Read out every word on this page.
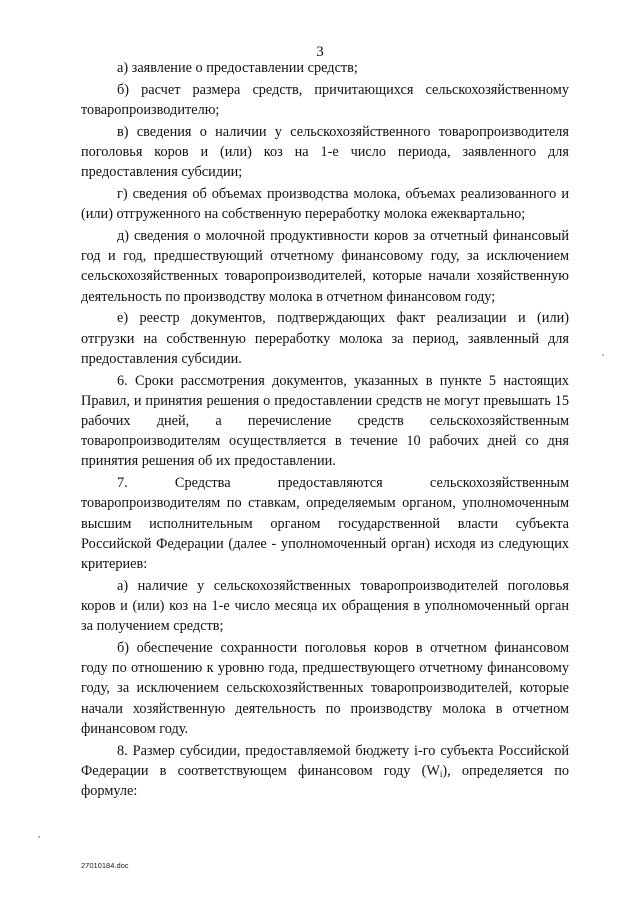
3

а) заявление о предоставлении средств;

б) расчет размера средств, причитающихся сельскохозяйственному товаропроизводителю;

в) сведения о наличии у сельскохозяйственного товаропроизводителя поголовья коров и (или) коз на 1-е число периода, заявленного для предоставления субсидии;

г) сведения об объемах производства молока, объемах реализованного и (или) отгруженного на собственную переработку молока ежеквартально;

д) сведения о молочной продуктивности коров за отчетный финансовый год и год, предшествующий отчетному финансовому году, за исключением сельскохозяйственных товаропроизводителей, которые начали хозяйственную деятельность по производству молока в отчетном финансовом году;

е) реестр документов, подтверждающих факт реализации и (или) отгрузки на собственную переработку молока за период, заявленный для предоставления субсидии.

6. Сроки рассмотрения документов, указанных в пункте 5 настоящих Правил, и принятия решения о предоставлении средств не могут превышать 15 рабочих дней, а перечисление средств сельскохозяйственным товаропроизводителям осуществляется в течение 10 рабочих дней со дня принятия решения об их предоставлении.

7. Средства предоставляются сельскохозяйственным товаропроизводителям по ставкам, определяемым органом, уполномоченным высшим исполнительным органом государственной власти субъекта Российской Федерации (далее - уполномоченный орган) исходя из следующих критериев:

а) наличие у сельскохозяйственных товаропроизводителей поголовья коров и (или) коз на 1-е число месяца их обращения в уполномоченный орган за получением средств;

б) обеспечение сохранности поголовья коров в отчетном финансовом году по отношению к уровню года, предшествующего отчетному финансовому году, за исключением сельскохозяйственных товаропроизводителей, которые начали хозяйственную деятельность по производству молока в отчетном финансовом году.

8. Размер субсидии, предоставляемой бюджету i-го субъекта Российской Федерации в соответствующем финансовом году $(W_i)$, определяется по формуле:

27010184.doc
